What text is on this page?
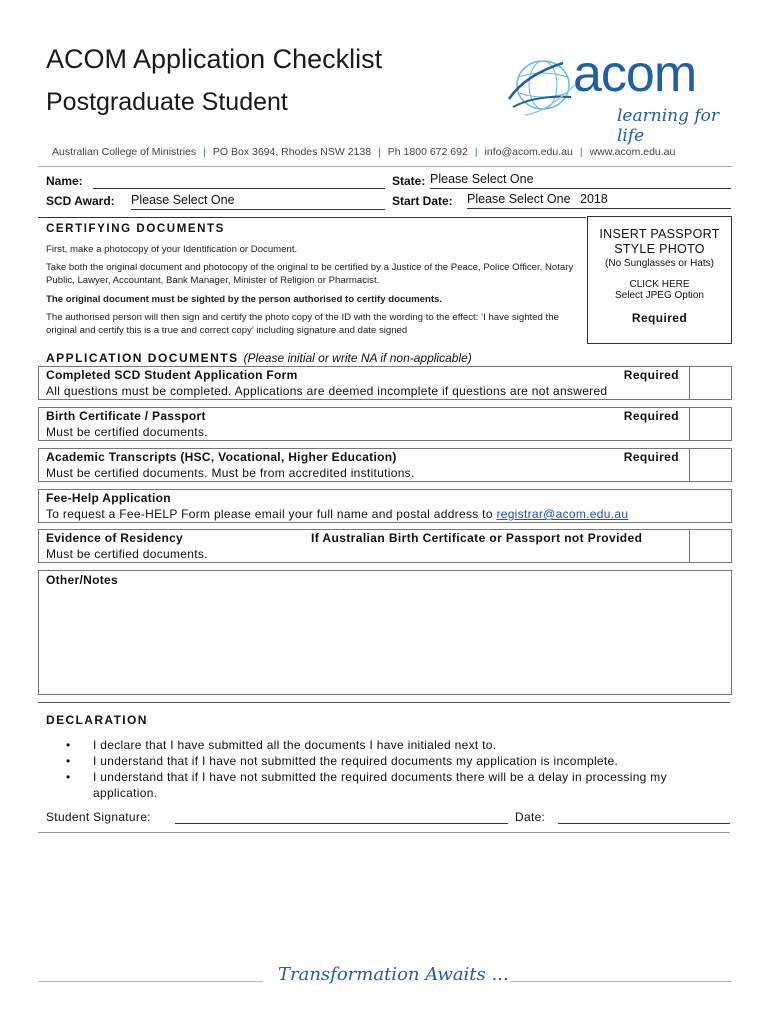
ACOM Application Checklist
Postgraduate Student	acom
learning for life
Australian College of Ministries | PO Box 3694, Rhodes NSW 2138 | Ph 1800 672 692 | info@acom.edu.au | www.acom.edu.au
Name:	State: Please Select One
SCD Award: Please Select One	Start Date: Please Select One 2018
CERTIFYING DOCUMENTS
First, make a photocopy of your Identification or Document.
Take both the original document and photocopy of the original to be certified by a Justice of the Peace, Police Officer, Notary Public, Lawyer, Accountant, Bank Manager, Minister of Religion or Pharmacist.
The original document must be sighted by the person authorised to certify documents.
The authorised person will then sign and certify the photo copy of the ID with the wording to the effect: ‘I have sighted the original and certify this is a true and correct copy’ including signature and date signed
INSERT PASSPORT
STYLE PHOTO
(No Sunglasses or Hats)
CLICK HERE
Select JPEG Option
Required
APPLICATION DOCUMENTS (Please initial or write NA if non-applicable)
Completed SCD Student Application Form	Required
All questions must be completed. Applications are deemed incomplete if questions are not answered
Birth Certificate / Passport	Required
Must be certified documents.
Academic Transcripts (HSC, Vocational, Higher Education)	Required
Must be certified documents. Must be from accredited institutions.
Fee-Help Application
To request a Fee-HELP Form please email your full name and postal address to registrar@acom.edu.au
Evidence of Residency	If Australian Birth Certificate or Passport not Provided
Must be certified documents.
Other/Notes
DECLARATION
• I declare that I have submitted all the documents I have initialed next to.
• I understand that if I have not submitted the required documents my application is incomplete.
• I understand that if I have not submitted the required documents there will be a delay in processing my application.
Student Signature:	Date:
Transformation Awaits ...
